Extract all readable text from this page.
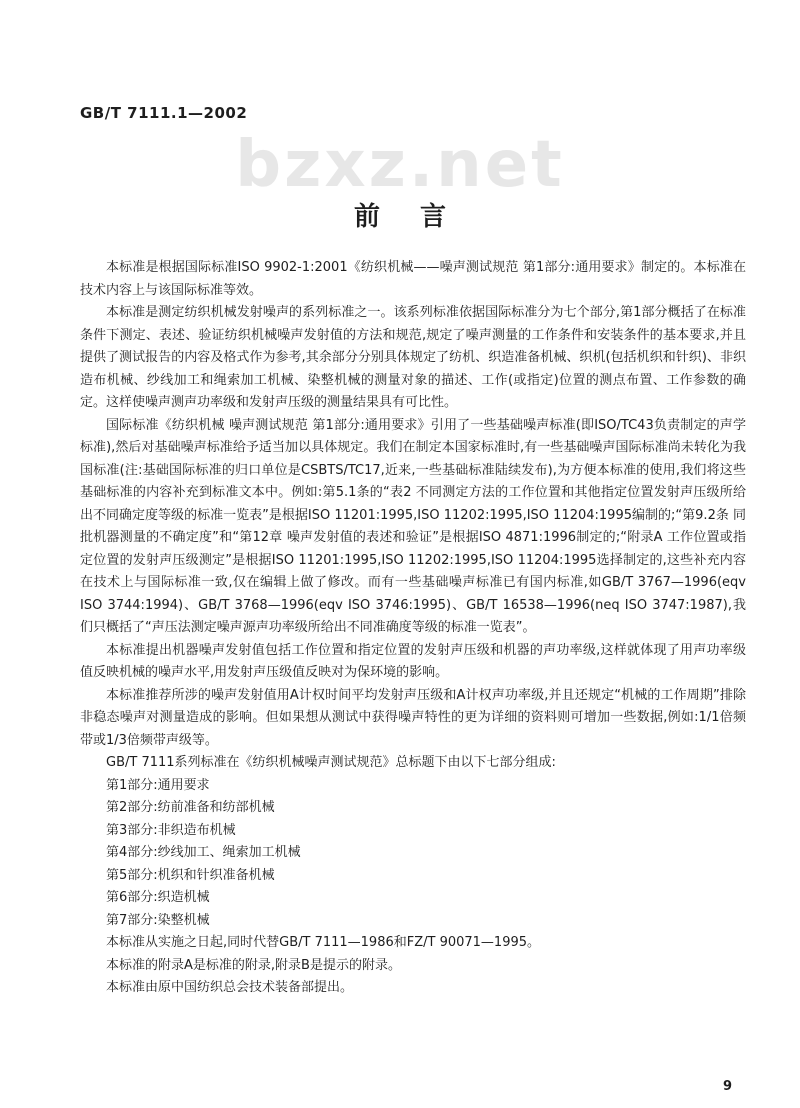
GB/T 7111.1—2002
bzxz.net
前言

本标准是根据国际标准ISO 9902-1:2001《纺织机械——噪声测试规范 第1部分:通用要求》制定的。本标准在技术内容上与该国际标准等效。

本标准是测定纺织机械发射噪声的系列标准之一。该系列标准依据国际标准分为七个部分,第1部分概括了在标准条件下测定、表述、验证纺织机械噪声发射值的方法和规范,规定了噪声测量的工作条件和安装条件的基本要求,并且提供了测试报告的内容及格式作为参考,其余部分分别具体规定了纺机、织造准备机械、织机(包括机织和针织)、非织造布机械、纱线加工和绳索加工机械、染整机械的测量对象的描述、工作(或指定)位置的测点布置、工作参数的确定。这样使噪声测声功率级和发射声压级的测量结果具有可比性。

国际标准《纺织机械 噪声测试规范 第1部分:通用要求》引用了一些基础噪声标准(即ISO/TC43负责制定的声学标准),然后对基础噪声标准给予适当加以具体规定。我们在制定本国家标准时,有一些基础噪声国际标准尚未转化为我国标准(注:基础国际标准的归口单位是CSBTS/TC17,近来,一些基础标准陆续发布),为方便本标准的使用,我们将这些基础标准的内容补充到标准文本中。例如:第5.1条的“表2 不同测定方法的工作位置和其他指定位置发射声压级所给出不同确定度等级的标准一览表”是根据ISO 11201:1995,ISO 11202:1995,ISO 11204:1995编制的;“第9.2条 同批机器测量的不确定度”和“第12章 噪声发射值的表述和验证”是根据ISO 4871:1996制定的;“附录A 工作位置或指定位置的发射声压级测定”是根据ISO 11201:1995,ISO 11202:1995,ISO 11204:1995选择制定的,这些补充内容在技术上与国际标准一致,仅在编辑上做了修改。而有一些基础噪声标准已有国内标准,如GB/T 3767—1996(eqv ISO 3744:1994)、GB/T 3768—1996(eqv ISO 3746:1995)、GB/T 16538—1996(neq ISO 3747:1987),我们只概括了“声压法测定噪声源声功率级所给出不同准确度等级的标准一览表”。

本标准提出机器噪声发射值包括工作位置和指定位置的发射声压级和机器的声功率级,这样就体现了用声功率级值反映机械的噪声水平,用发射声压级值反映对为保环境的影响。

本标准推荐所涉的噪声发射值用A计权时间平均发射声压级和A计权声功率级,并且还规定“机械的工作周期”排除非稳态噪声对测量造成的影响。但如果想从测试中获得噪声特性的更为详细的资料则可增加一些数据,例如:1/1倍频带或1/3倍频带声级等。

GB/T 7111系列标准在《纺织机械噪声测试规范》总标题下由以下七部分组成:

第1部分:通用要求
第2部分:纺前准备和纺部机械
第3部分:非织造布机械
第4部分:纱线加工、绳索加工机械
第5部分:机织和针织准备机械
第6部分:织造机械
第7部分:染整机械

本标准从实施之日起,同时代替GB/T 7111—1986和FZ/T 90071—1995。

本标准的附录A是标准的附录,附录B是提示的附录。

本标准由原中国纺织总会技术装备部提出。

9
